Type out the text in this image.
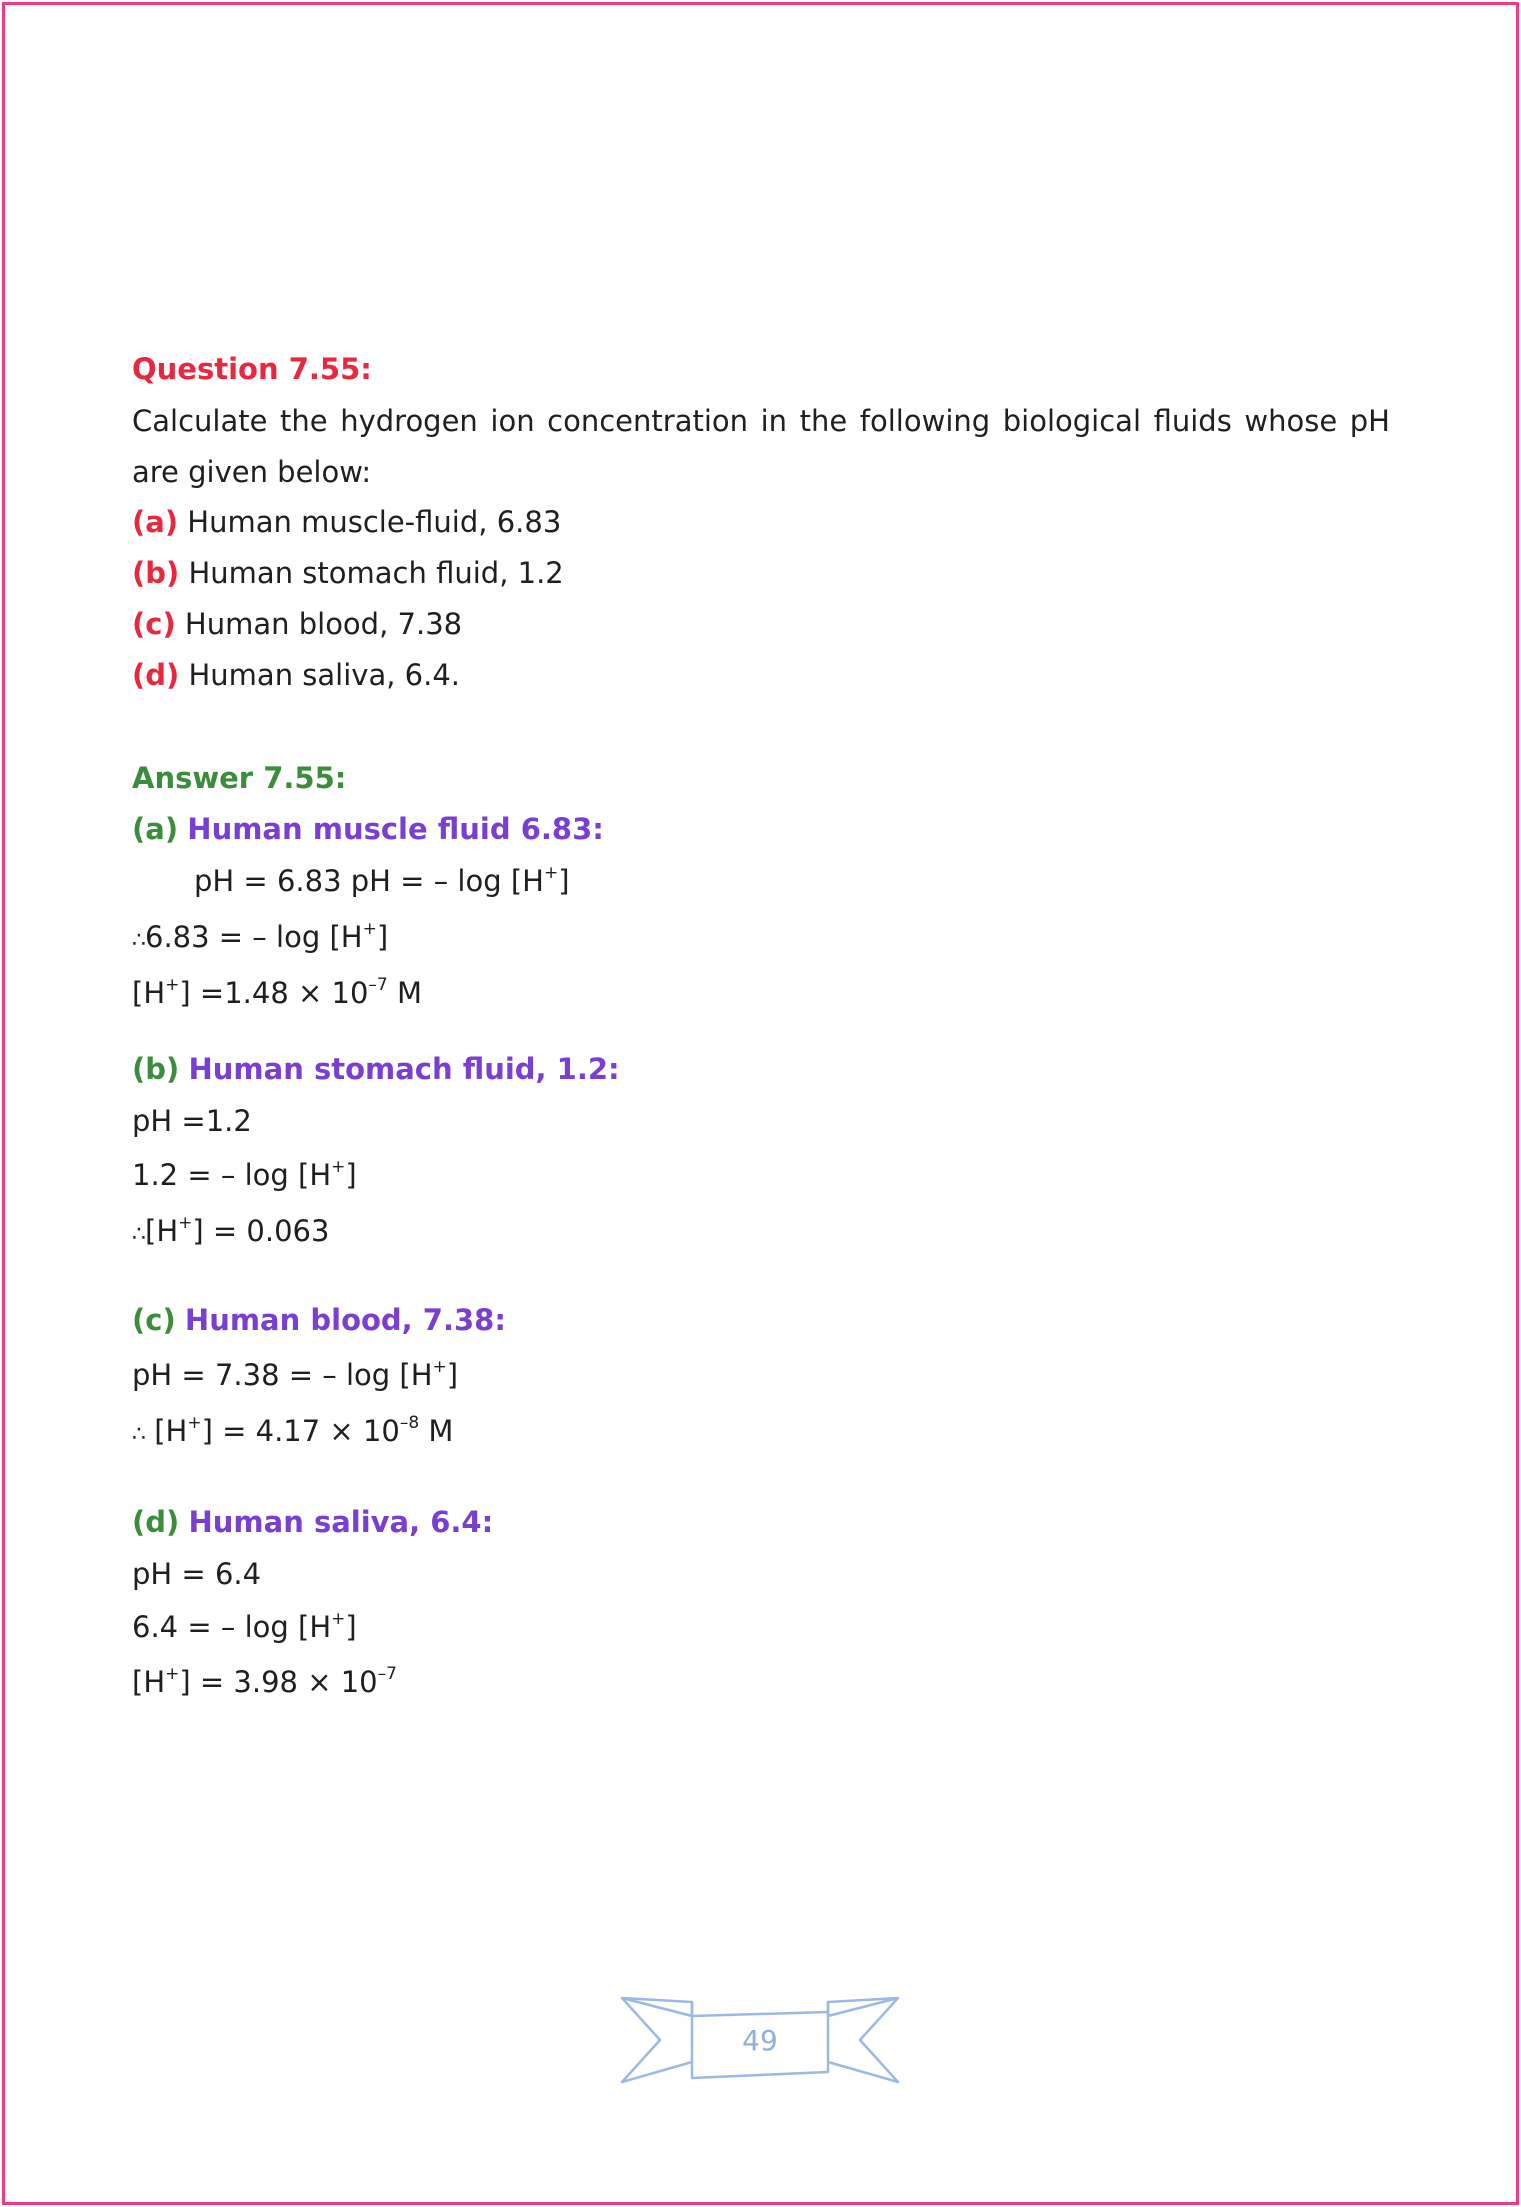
Question 7.55:
Calculate the hydrogen ion concentration in the following biological fluids whose pH are given below:
(a) Human muscle-fluid, 6.83
(b) Human stomach fluid, 1.2
(c) Human blood, 7.38
(d) Human saliva, 6.4.
Answer 7.55:
(a) Human muscle fluid 6.83:
pH = 6.83 pH = – log [H+]
∴6.83 = – log [H+]
$[H^+] =1.48 \times 10^{-7}$ M
(b) Human stomach fluid, 1.2:
pH =1.2
1.2 = – log [H+]
∴[H+] = 0.063
(c) Human blood, 7.38:
pH = 7.38 = – log [H+]
∴ $[H^+] = 4.17 \times 10^{-8}$ M
(d) Human saliva, 6.4:
pH = 6.4
6.4 = – log [H+]
$[H^+] = 3.98 \times 10^{-7}$
49
